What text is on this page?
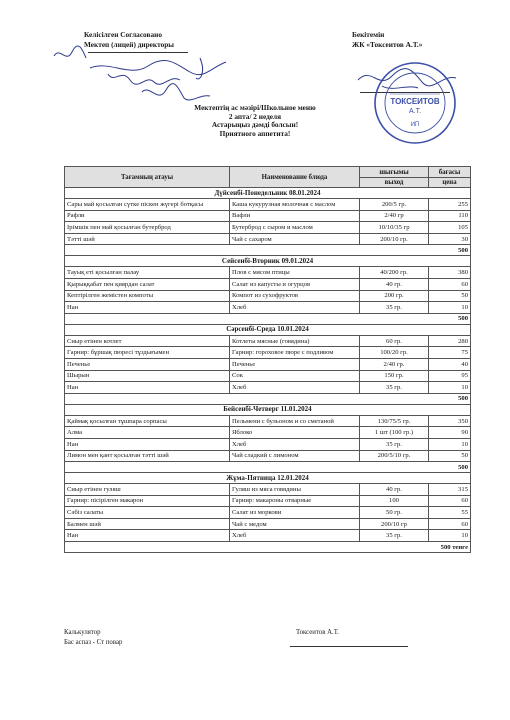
Келісілген Согласовано
Мектеп (лицей) директоры
Бекітемін
ЖК «Токсеитов А.Т.»
ТОКСЕИТОВ
А.Т.
ИП
Мектептің ас мәзірі/Школьное меню
2 апта/ 2 неделя
Астарыңыз дәмді болсын!
Приятного аппетита!
Тағамның атауы	Наименование блюда	шығымы	бағасы
		выход	цена
Дүйсенбі-Понедельник 08.01.2024			
Сары май қосылған сүтке піскен жүгері ботқасы	Каша кукурузная молочная с маслом	200/5 гр.	255
Рафли	Вафли	2/40 гр	110
Ірімшік пен май қосылған бутерброд	Бутерброд с сыром и маслом	10/10/35 гр	105
Тәтті шәй	Чай с сахаром	200/10 гр.	30
500			
Сейсенбі-Вторник 09.01.2024			
Тауық еті қосылған палау	Плов с мясом птицы	40/200 гр.	380
Қырыққабат пен қиярдан салат	Салат из капусты и огурцов	40 гр.	60
Кептірілген жемістен компоты	Компот из сухофруктов	200 гр.	50
Нан	Хлеб	35 гр.	10
500			
Сәрсенбі-Среда 10.01.2024			
Сиыр етінен котлет	Котлеты мясные (говядина)	60 гр.	280
Гарнир: бұршақ пюресі тұздығымен	Гарнир: гороховое пюре с подливом	100/20 гр.	75
Печенье	Печенье	2/40 гр.	40
Шырын	Сок	150 гр.	95
Нан	Хлеб	35 гр.	10
500			
Бейсенбі-Четверг 11.01.2024			
Қаймақ қосылған тұшпара сорпасы	Пельмени с бульоном и со сметаной	130/75/5 гр.	350
Алма	Яблоко	1 шт (100 гр.)	90
Нан	Хлеб	35 гр.	10
Лимон мен қант қосылған тәтті шәй	Чай сладкий с лимоном	200/5/10 гр.	50
500			
Жұма-Пятница 12.01.2024			
Сиыр етінен гуляш	Гуляш из мяса говядины	40 гр.	315
Гарнир: пісірілген макарон	Гарнир: макароны отварные	100	60
Сәбіз салаты	Салат из моркови	50 гр.	55
Балмен шәй	Чай с медом	200/10 гр	60
Нан	Хлеб	35 гр.	10
500 тенге			
Калькулятор
Бас аспаз - Ст повар
Токсеитов А.Т.
